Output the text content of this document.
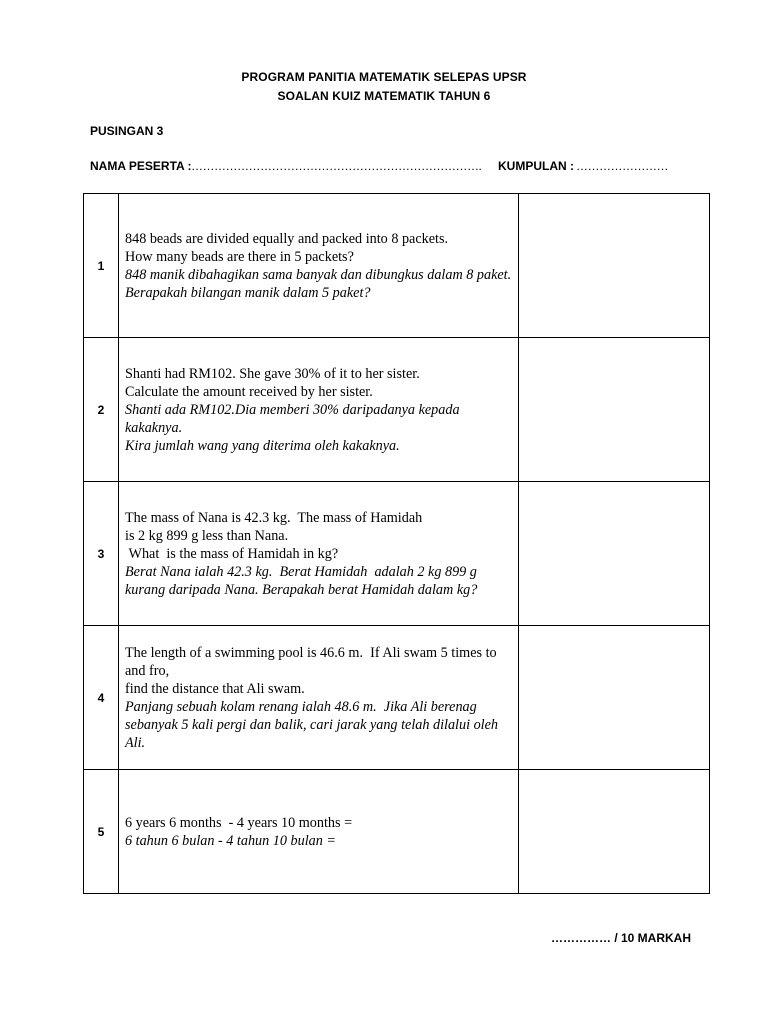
PROGRAM PANITIA MATEMATIK SELEPAS UPSR
SOALAN KUIZ MATEMATIK TAHUN 6
PUSINGAN 3
NAMA PESERTA : …………………………………………………………………. KUMPULAN : ……………………
1	848 beads are divided equally and packed into 8 packets.
How many beads are there in 5 packets?
848 manik dibahagikan sama banyak dan dibungkus dalam 8 paket.
Berapakah bilangan manik dalam 5 paket?	

2	Shanti had RM102. She gave 30% of it to her sister.
Calculate the amount received by her sister.
Shanti ada RM102.Dia memberi 30% daripadanya kepada kakaknya.
Kira jumlah wang yang diterima oleh kakaknya.	

3	The mass of Nana is 42.3 kg.  The mass of Hamidah
is 2 kg 899 g less than Nana.
What  is the mass of Hamidah in kg?
Berat Nana ialah 42.3 kg.  Berat Hamidah  adalah 2 kg 899 g kurang daripada Nana. Berapakah berat Hamidah dalam kg?	

4	The length of a swimming pool is 46.6 m.  If Ali swam 5 times to and fro,
find the distance that Ali swam.
Panjang sebuah kolam renang ialah 48.6 m.  Jika Ali berenag sebanyak 5 kali pergi dan balik, cari jarak yang telah dilalui oleh Ali.	

5	6 years 6 months  - 4 years 10 months =
6 tahun 6 bulan - 4 tahun 10 bulan =	

…………… / 10 MARKAH
